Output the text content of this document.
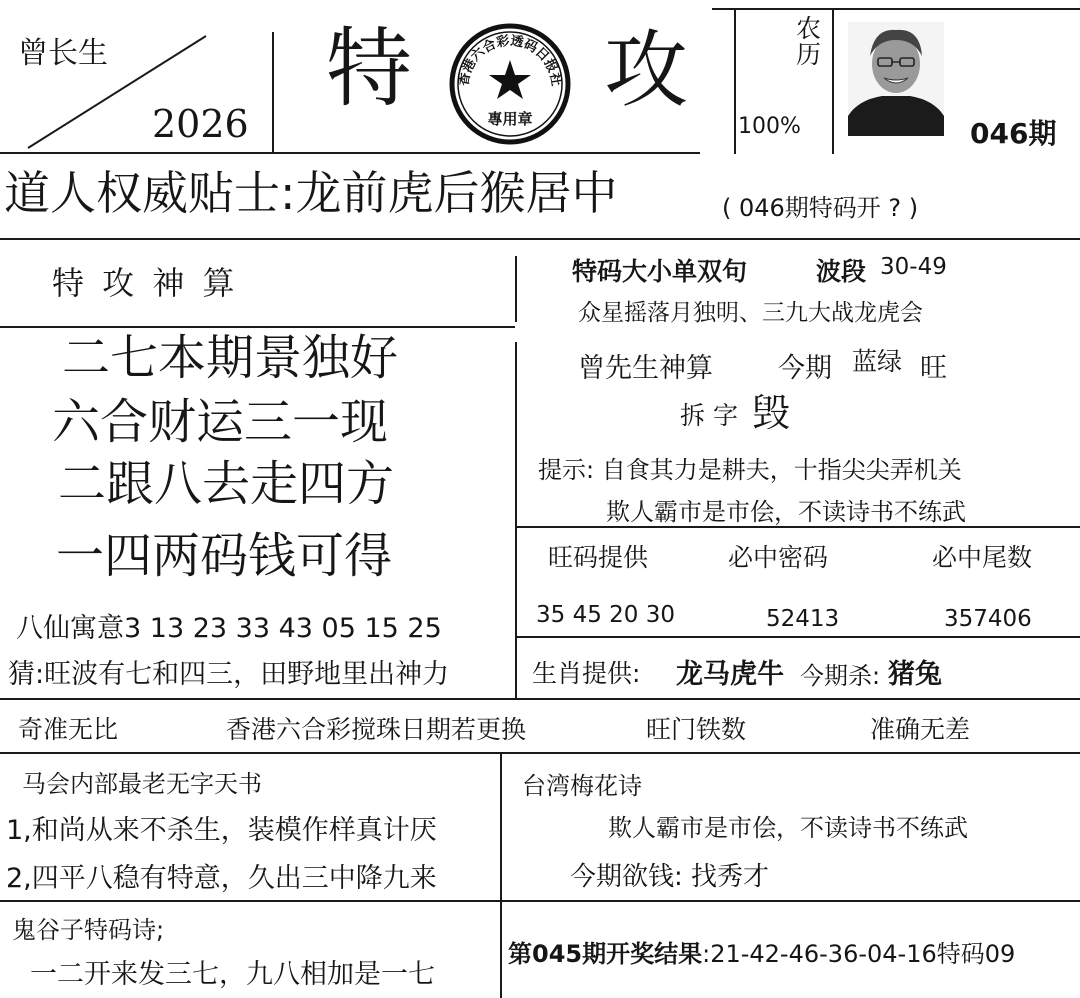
曾长生
2026
特 攻
香港六合彩透码日报社
專用章
农历
100%	046期
道人权威贴士:龙前虎后猴居中	( 046期特码开 ? )
特 攻 神 算
二七本期景独好
六合财运三一现
二跟八去走四方
一四两码钱可得
八仙寓意3 13 23 33 43 05 15 25
猜:旺波有七和四三，田野地里出神力
特码大小单双句	波段 30-49
众星摇落月独明、三九大战龙虎会
曾先生神算 今期 蓝绿 旺
拆 字 毁
提示: 自食其力是耕夫，十指尖尖弄机关
欺人霸市是市侩，不读诗书不练武
旺码提供	必中密码	必中尾数
35 45 20 30	52413	357406
生肖提供: 龙马虎牛 今期杀: 猪兔
奇准无比	香港六合彩搅珠日期若更换	旺门铁数	准确无差
马会内部最老无字天书
1,和尚从来不杀生，装模作样真计厌
2,四平八稳有特意，久出三中降九来
台湾梅花诗
欺人霸市是市侩，不读诗书不练武
今期欲钱: 找秀才
鬼谷子特码诗;
一二开来发三七，九八相加是一七
第045期开奖结果:21-42-46-36-04-16特码09
